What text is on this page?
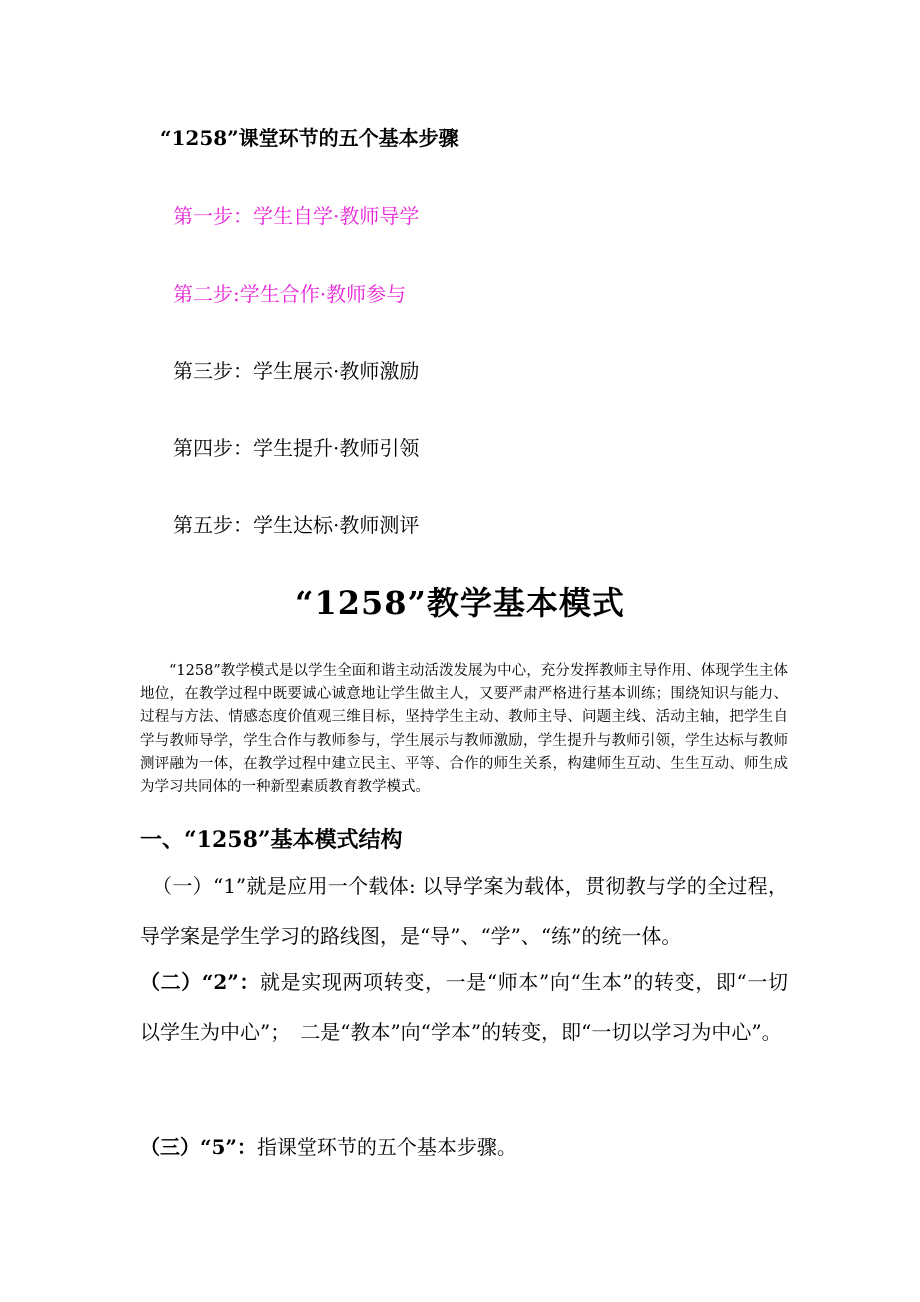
“1258”课堂环节的五个基本步骤

第一步：学生自学·教师导学

第二步:学生合作·教师参与

第三步：学生展示·教师激励

第四步：学生提升·教师引领

第五步：学生达标·教师测评

“1258”教学基本模式

“1258”教学模式是以学生全面和谐主动活泼发展为中心，充分发挥教师主导作用、体现学生主体地位，在教学过程中既要诚心诚意地让学生做主人，又要严肃严格进行基本训练；围绕知识与能力、过程与方法、情感态度价值观三维目标，坚持学生主动、教师主导、问题主线、活动主轴，把学生自学与教师导学，学生合作与教师参与，学生展示与教师激励，学生提升与教师引领，学生达标与教师测评融为一体，在教学过程中建立民主、平等、合作的师生关系，构建师生互动、生生互动、师生成为学习共同体的一种新型素质教育教学模式。

一、“1258”基本模式结构

（一）“1”就是应用一个载体: 以导学案为载体，贯彻教与学的全过程，导学案是学生学习的路线图，是“导”、“学”、“练”的统一体。

（二）“2”：就是实现两项转变，一是“师本”向“生本”的转变，即“一切以学生为中心”；　二是“教本”向“学本”的转变，即“一切以学习为中心”。

（三）“5”：指课堂环节的五个基本步骤。
